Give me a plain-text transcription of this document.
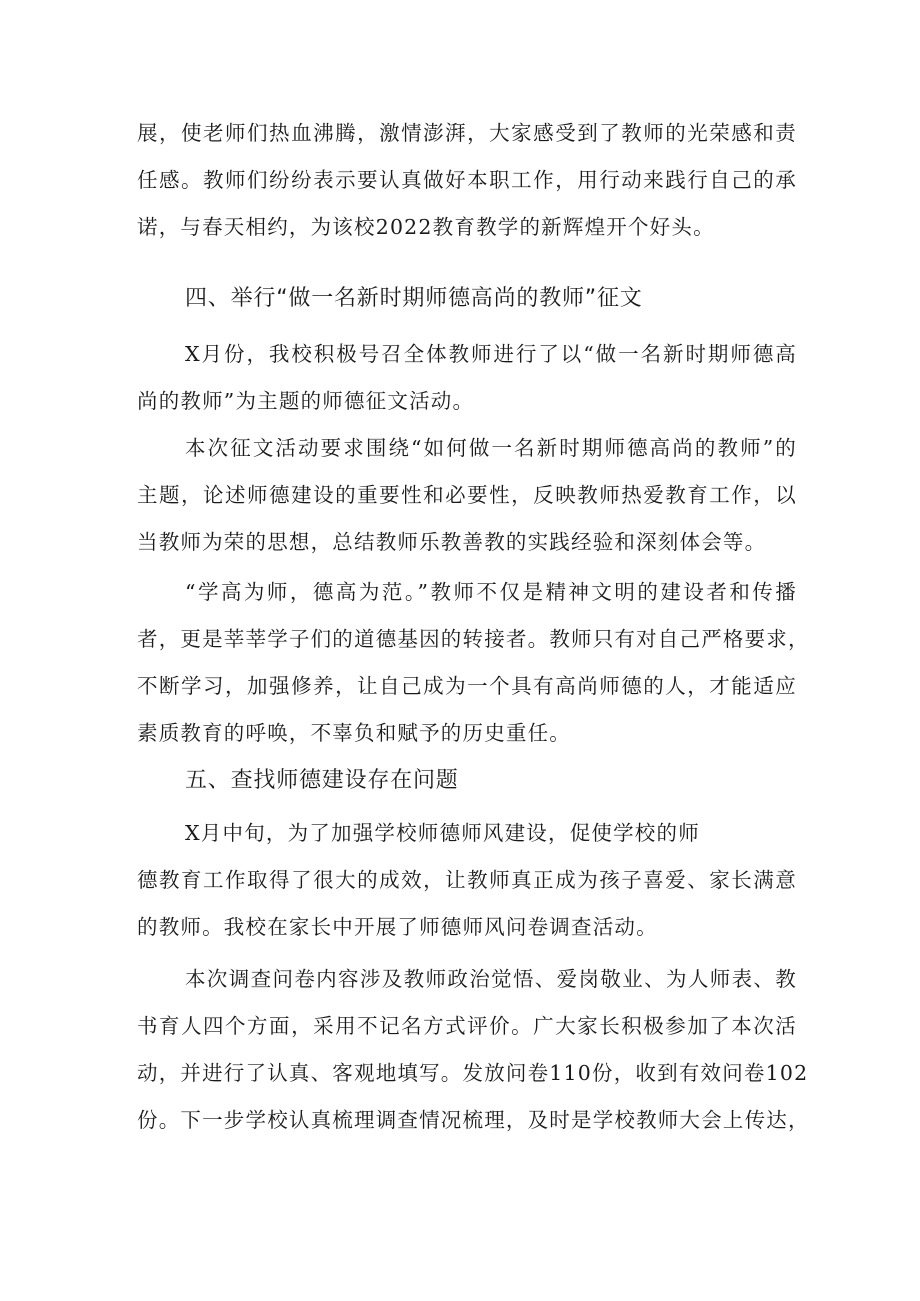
展，使老师们热血沸腾，激情澎湃，大家感受到了教师的光荣感和责
任感。教师们纷纷表示要认真做好本职工作，用行动来践行自己的承
诺，与春天相约，为该校2022教育教学的新辉煌开个好头。
四、举行“做一名新时期师德高尚的教师”征文
X月份，我校积极号召全体教师进行了以“做一名新时期师德高
尚的教师”为主题的师德征文活动。
本次征文活动要求围绕“如何做一名新时期师德高尚的教师”的
主题，论述师德建设的重要性和必要性，反映教师热爱教育工作，以
当教师为荣的思想，总结教师乐教善教的实践经验和深刻体会等。
“学高为师，德高为范。”教师不仅是精神文明的建设者和传播
者，更是莘莘学子们的道德基因的转接者。教师只有对自己严格要求，
不断学习，加强修养，让自己成为一个具有高尚师德的人，才能适应
素质教育的呼唤，不辜负和赋予的历史重任。
五、查找师德建设存在问题
X月中旬，为了加强学校师德师风建设，促使学校的师
德教育工作取得了很大的成效，让教师真正成为孩子喜爱、家长满意
的教师。我校在家长中开展了师德师风问卷调查活动。
本次调查问卷内容涉及教师政治觉悟、爱岗敬业、为人师表、教
书育人四个方面，采用不记名方式评价。广大家长积极参加了本次活
动，并进行了认真、客观地填写。发放问卷110份，收到有效问卷102
份。下一步学校认真梳理调查情况梳理，及时是学校教师大会上传达，
